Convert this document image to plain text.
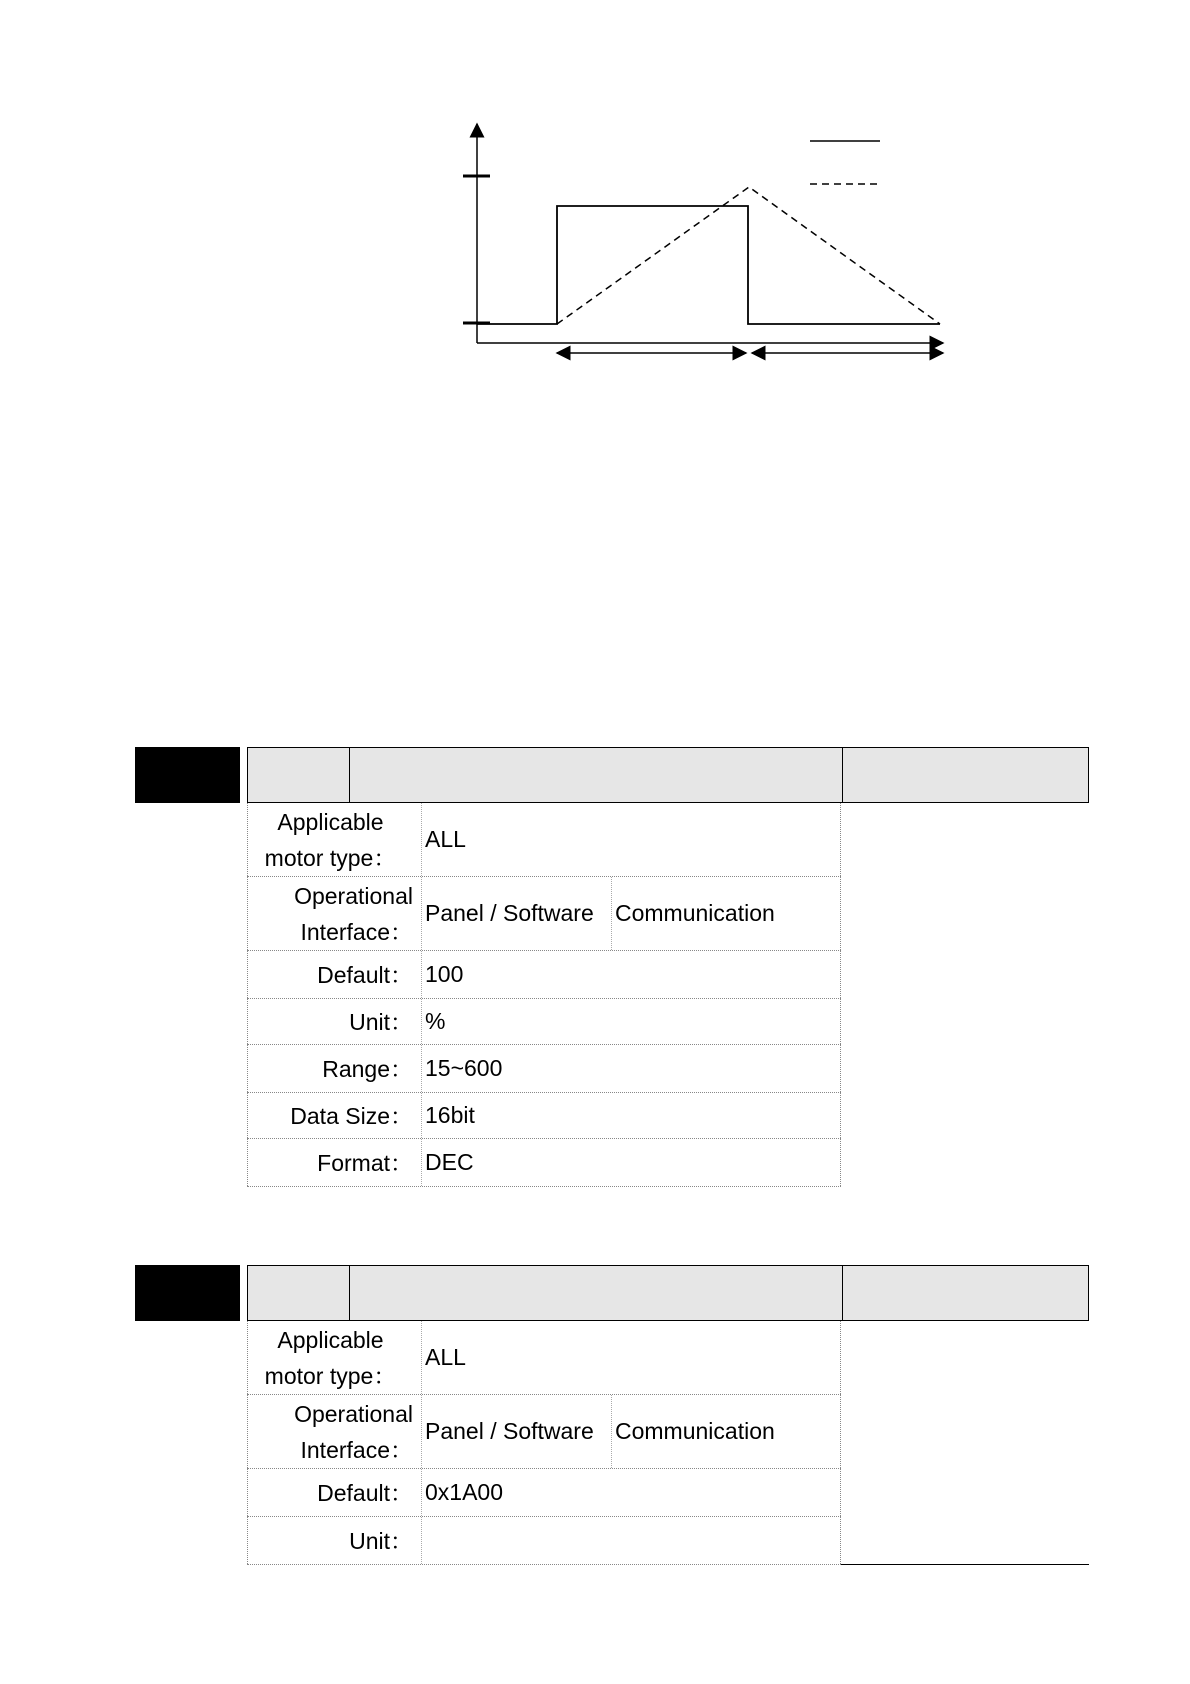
Applicable
motor type：
ALL
Operational
Interface：
Panel / Software Communication
Default： 100
Unit： %
Range： 15~600
Data Size： 16bit
Format： DEC
Applicable
motor type：
ALL
Operational
Interface：
Panel / Software Communication
Default： 0x1A00
Unit：
